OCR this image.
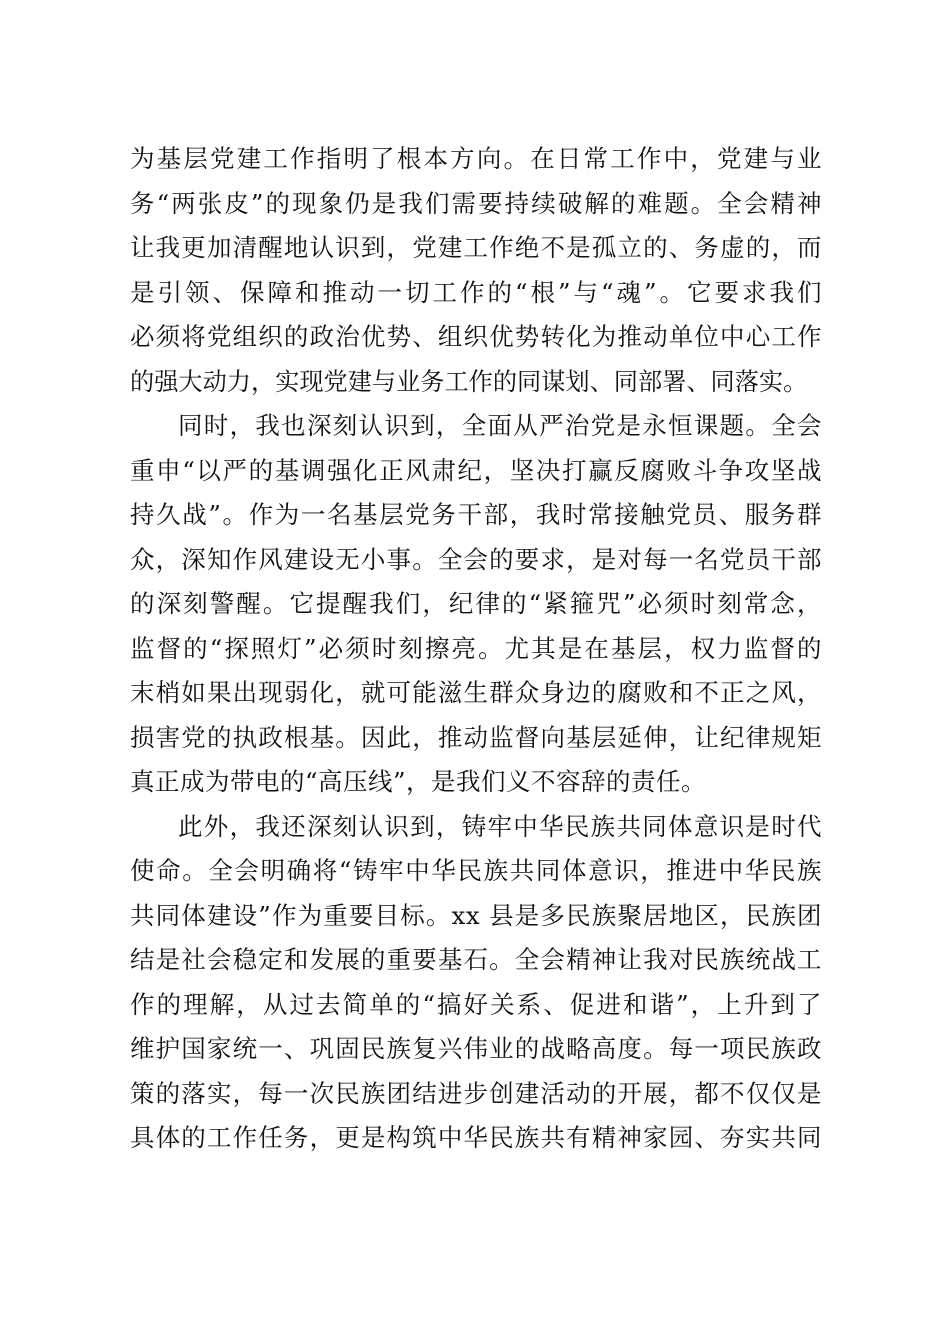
为基层党建工作指明了根本方向。在日常工作中，党建与业
务“两张皮”的现象仍是我们需要持续破解的难题。全会精神
让我更加清醒地认识到，党建工作绝不是孤立的、务虚的，而
是引领、保障和推动一切工作的“根”与“魂”。它要求我们
必须将党组织的政治优势、组织优势转化为推动单位中心工作
的强大动力，实现党建与业务工作的同谋划、同部署、同落实。
同时，我也深刻认识到，全面从严治党是永恒课题。全会
重申“以严的基调强化正风肃纪，坚决打赢反腐败斗争攻坚战
持久战”。作为一名基层党务干部，我时常接触党员、服务群
众，深知作风建设无小事。全会的要求，是对每一名党员干部
的深刻警醒。它提醒我们，纪律的“紧箍咒”必须时刻常念，
监督的“探照灯”必须时刻擦亮。尤其是在基层，权力监督的
末梢如果出现弱化，就可能滋生群众身边的腐败和不正之风，
损害党的执政根基。因此，推动监督向基层延伸，让纪律规矩
真正成为带电的“高压线”，是我们义不容辞的责任。
此外，我还深刻认识到，铸牢中华民族共同体意识是时代
使命。全会明确将“铸牢中华民族共同体意识，推进中华民族
共同体建设”作为重要目标。xx 县是多民族聚居地区，民族团
结是社会稳定和发展的重要基石。全会精神让我对民族统战工
作的理解，从过去简单的“搞好关系、促进和谐”，上升到了
维护国家统一、巩固民族复兴伟业的战略高度。每一项民族政
策的落实，每一次民族团结进步创建活动的开展，都不仅仅是
具体的工作任务，更是构筑中华民族共有精神家园、夯实共同
